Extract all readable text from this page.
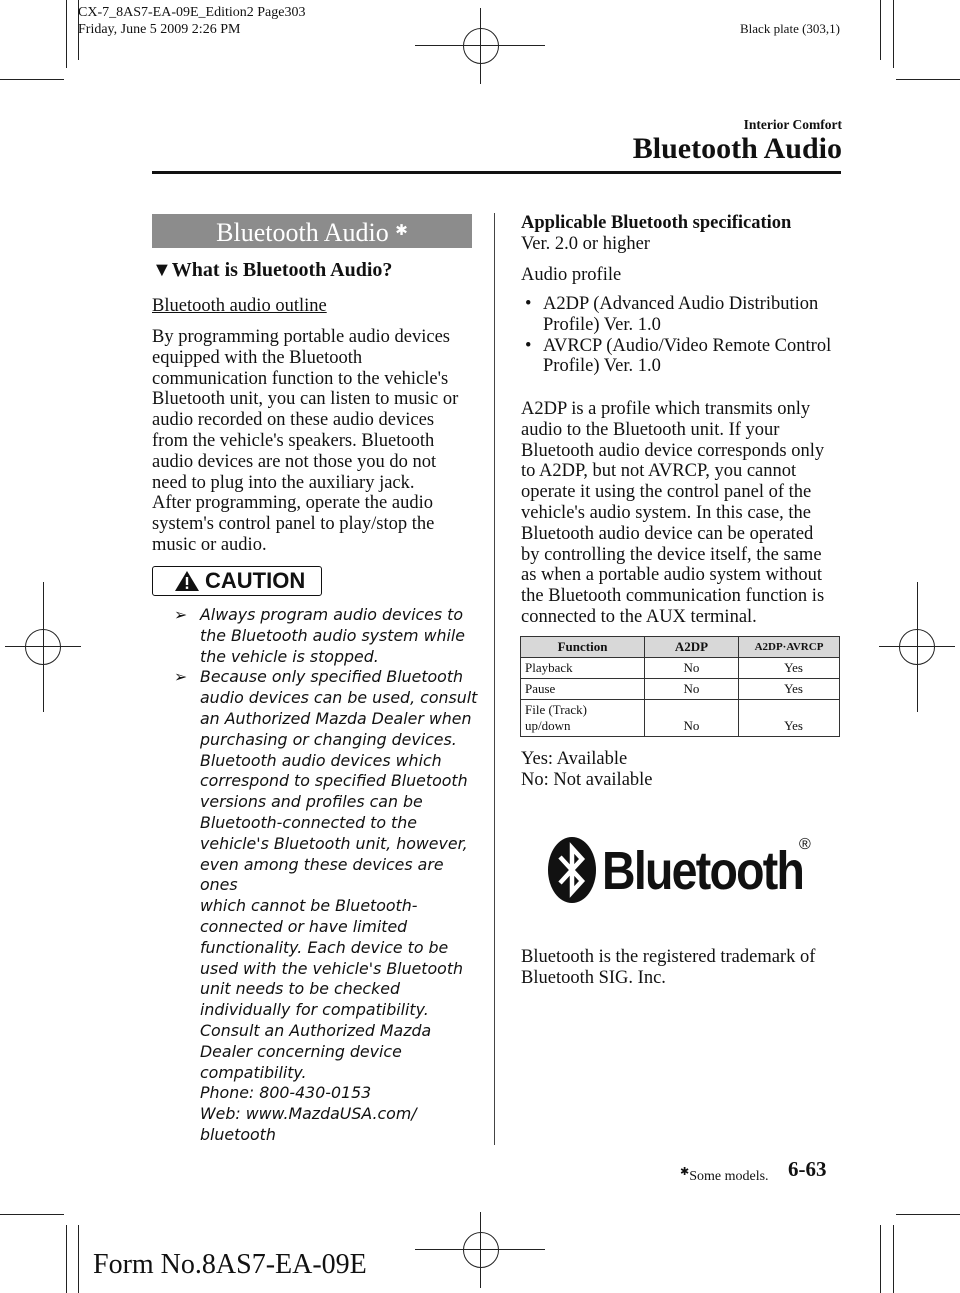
CX-7_8AS7-EA-09E_Edition2 Page303
Friday, June 5 2009 2:26 PM	Black plate (303,1)
Interior Comfort
Bluetooth Audio
Bluetooth Audio ✱
▼What is Bluetooth Audio?
Bluetooth audio outline
By programming portable audio devices
equipped with the Bluetooth
communication function to the vehicle's
Bluetooth unit, you can listen to music or
audio recorded on these audio devices
from the vehicle's speakers. Bluetooth
audio devices are not those you do not
need to plug into the auxiliary jack.
After programming, operate the audio
system's control panel to play/stop the
music or audio.
CAUTION
➢ Always program audio devices to
the Bluetooth audio system while
the vehicle is stopped.
➢ Because only specified Bluetooth
audio devices can be used, consult
an Authorized Mazda Dealer when
purchasing or changing devices.
Bluetooth audio devices which
correspond to specified Bluetooth
versions and profiles can be
Bluetooth-connected to the
vehicle's Bluetooth unit, however,
even among these devices are ones
which cannot be Bluetooth-
connected or have limited
functionality. Each device to be
used with the vehicle's Bluetooth
unit needs to be checked
individually for compatibility.
Consult an Authorized Mazda
Dealer concerning device
compatibility.
Phone: 800-430-0153
Web: www.MazdaUSA.com/
bluetooth
Applicable Bluetooth specification
Ver. 2.0 or higher
Audio profile
• A2DP (Advanced Audio Distribution
Profile) Ver. 1.0
• AVRCP (Audio/Video Remote Control
Profile) Ver. 1.0
A2DP is a profile which transmits only
audio to the Bluetooth unit. If your
Bluetooth audio device corresponds only
to A2DP, but not AVRCP, you cannot
operate it using the control panel of the
vehicle's audio system. In this case, the
Bluetooth audio device can be operated
by controlling the device itself, the same
as when a portable audio system without
the Bluetooth communication function is
connected to the AUX terminal.
Function	A2DP	A2DP·AVRCP
Playback	No	Yes
Pause	No	Yes
File (Track)
up/down	No	Yes
Yes: Available
No: Not available
Bluetooth
®
Bluetooth is the registered trademark of
Bluetooth SIG. Inc.
✱Some models. 6-63
Form No.8AS7-EA-09E
